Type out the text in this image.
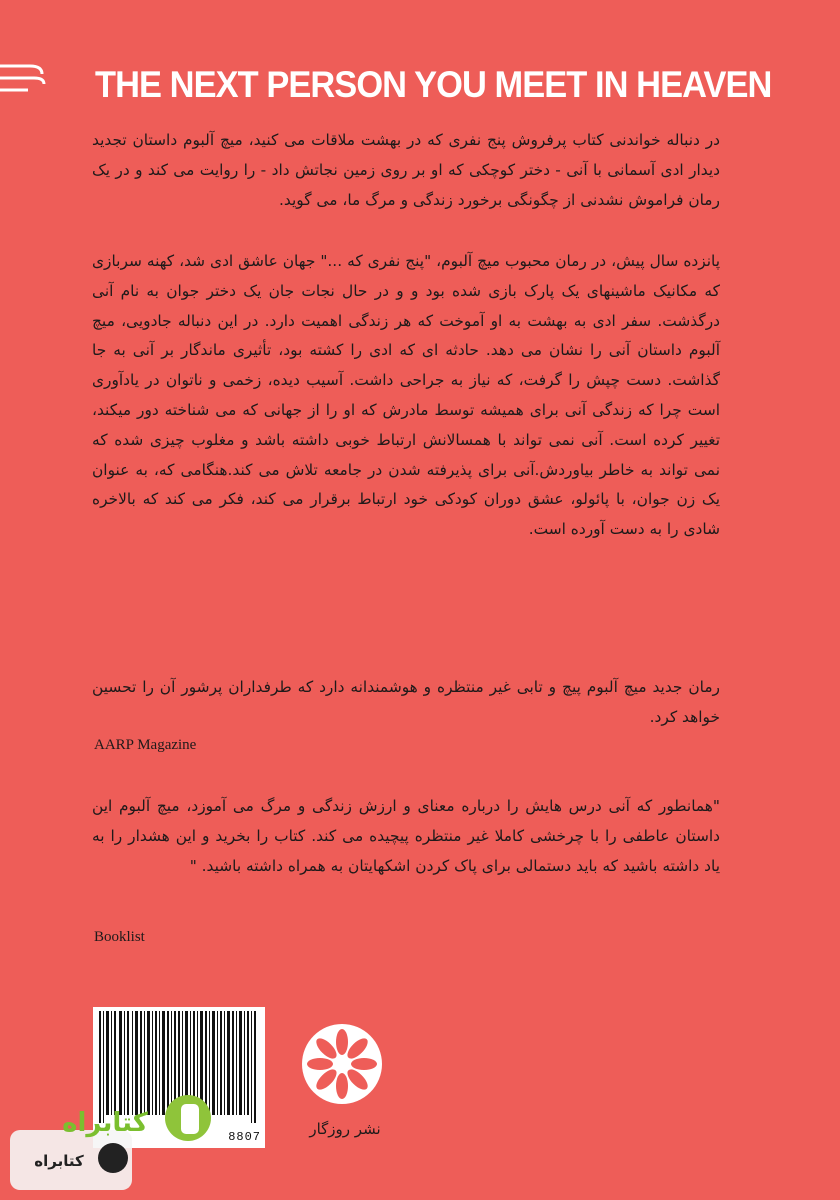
THE NEXT PERSON YOU MEET IN HEAVEN
در دنباله خواندنی کتاب پرفروش پنج نفری که در بهشت ملاقات می کنید، میچ آلبوم داستان تجدید دیدار ادی آسمانی با آنی - دختر کوچکی که او بر روی زمین نجاتش داد - را روایت می کند و در یک رمان فراموش نشدنی از چگونگی برخورد زندگی و مرگ ما، می گوید.
پانزده سال پیش، در رمان محبوب میچ آلبوم، "پنج نفری که ..." جهان عاشق ادی شد، کهنه سربازی که مکانیک ماشینهای یک پارک بازی شده بود و و در حال نجات جان یک دختر جوان به نام آنی درگذشت. سفر ادی به بهشت به او آموخت که هر زندگی اهمیت دارد. در این دنباله جادویی، میچ آلبوم داستان آنی را نشان می دهد. حادثه ای که ادی را کشته بود، تأثیری ماندگار بر آنی به جا گذاشت. دست چپش را گرفت، که نیاز به جراحی داشت. آسیب دیده، زخمی و ناتوان در یادآوری است چرا که زندگی آنی برای همیشه توسط مادرش که او را از جهانی که می شناخته دور میکند، تغییر کرده است. آنی نمی تواند با همسالانش ارتباط خوبی داشته باشد و مغلوب چیزی شده که نمی تواند به خاطر بیاوردش.آنی برای پذیرفته شدن در جامعه تلاش می کند.هنگامی که، به عنوان یک زن جوان، با پائولو، عشق دوران کودکی خود ارتباط برقرار می کند، فکر می کند که بالاخره شادی را به دست آورده است.
رمان جدید میچ آلبوم پیچ و تابی غیر منتظره و هوشمندانه دارد که طرفداران پرشور آن را تحسین خواهد کرد.
AARP Magazine
"همانطور که آنی درس هایش را درباره معنای و ارزش زندگی و مرگ می آموزد، میچ آلبوم این داستان عاطفی را با چرخشی کاملا غیر منتظره پیچیده می کند. کتاب را بخرید و این هشدار را به یاد داشته باشید که باید دستمالی برای پاک کردن اشکهایتان به همراه داشته باشید. "
Booklist
8807	نشر روزگار
کتابراه
کتابراه
